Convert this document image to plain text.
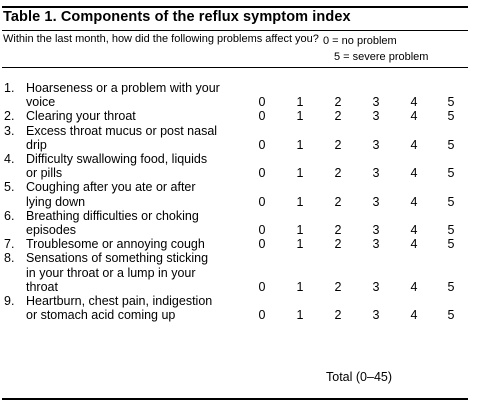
Table 1. Components of the reflux symptom index
Within the last month, how did the following problems affect you? 0 = no problem
5 = severe problem
1. Hoarseness or a problem with your
voice	0 1 2 3 4 5
2. Clearing your throat	0 1 2 3 4 5
3. Excess throat mucus or post nasal
drip	0 1 2 3 4 5
4. Difficulty swallowing food, liquids
or pills	0 1 2 3 4 5
5. Coughing after you ate or after
lying down	0 1 2 3 4 5
6. Breathing difficulties or choking
episodes	0 1 2 3 4 5
7. Troublesome or annoying cough	0 1 2 3 4 5
8. Sensations of something sticking
in your throat or a lump in your
throat	0 1 2 3 4 5
9. Heartburn, chest pain, indigestion
or stomach acid coming up	0 1 2 3 4 5
Total (0–45)
